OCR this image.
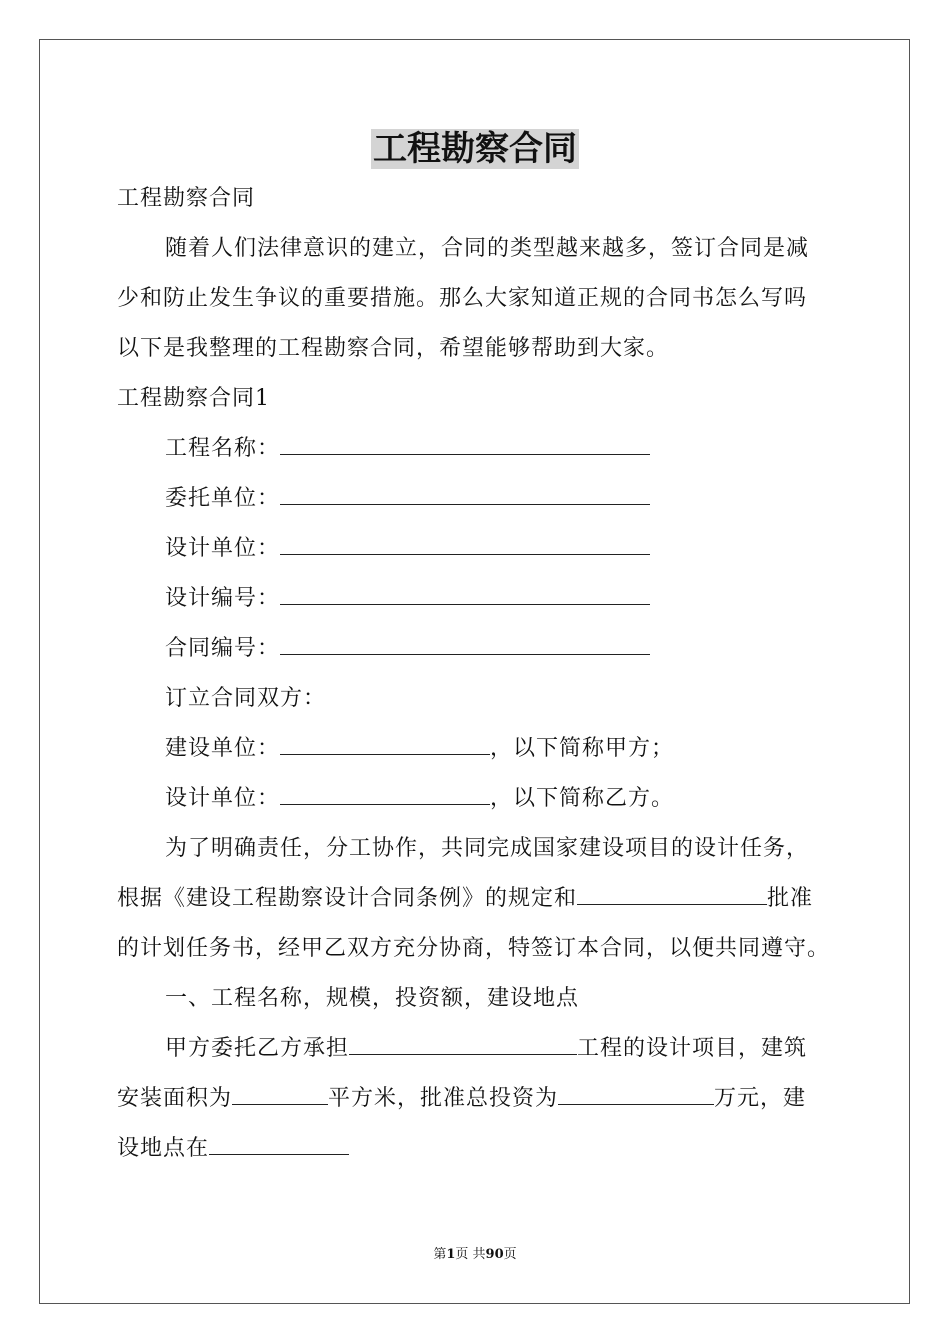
工程勘察合同
工程勘察合同
随着人们法律意识的建立，合同的类型越来越多，签订合同是减
少和防止发生争议的重要措施。那么大家知道正规的合同书怎么写吗
以下是我整理的工程勘察合同，希望能够帮助到大家。
工程勘察合同1
工程名称：
委托单位：
设计单位：
设计编号：
合同编号：
订立合同双方：
建设单位：	，以下简称甲方；
设计单位：	，以下简称乙方。
为了明确责任，分工协作，共同完成国家建设项目的设计任务，
根据《建设工程勘察设计合同条例》的规定和	批准
的计划任务书，经甲乙双方充分协商，特签订本合同，以便共同遵守。
一、工程名称，规模，投资额，建设地点
甲方委托乙方承担	工程的设计项目，建筑
安装面积为	平方米，批准总投资为	万元，建
设地点在
第1页 共90页
